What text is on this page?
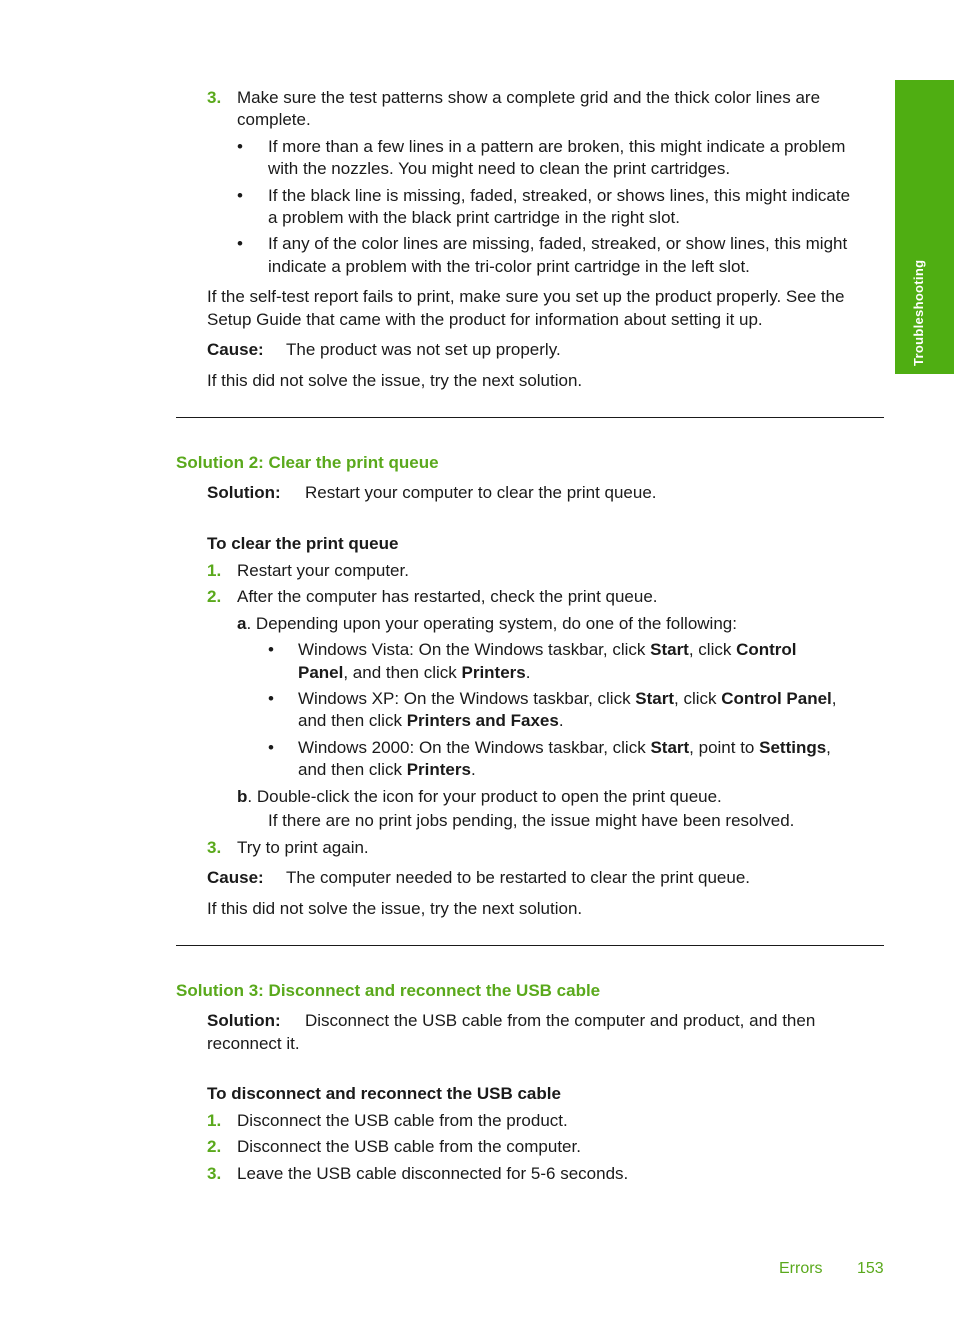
Troubleshooting
3. Make sure the test patterns show a complete grid and the thick color lines are
complete.
• If more than a few lines in a pattern are broken, this might indicate a problem
with the nozzles. You might need to clean the print cartridges.
• If the black line is missing, faded, streaked, or shows lines, this might indicate
a problem with the black print cartridge in the right slot.
• If any of the color lines are missing, faded, streaked, or show lines, this might
indicate a problem with the tri-color print cartridge in the left slot.
If the self-test report fails to print, make sure you set up the product properly. See the
Setup Guide that came with the product for information about setting it up.
Cause: The product was not set up properly.
If this did not solve the issue, try the next solution.
Solution 2: Clear the print queue
Solution: Restart your computer to clear the print queue.
To clear the print queue
1. Restart your computer.
2. After the computer has restarted, check the print queue.
a. Depending upon your operating system, do one of the following:
• Windows Vista: On the Windows taskbar, click Start, click Control
Panel, and then click Printers.
• Windows XP: On the Windows taskbar, click Start, click Control Panel,
and then click Printers and Faxes.
• Windows 2000: On the Windows taskbar, click Start, point to Settings,
and then click Printers.
b. Double-click the icon for your product to open the print queue.
If there are no print jobs pending, the issue might have been resolved.
3. Try to print again.
Cause: The computer needed to be restarted to clear the print queue.
If this did not solve the issue, try the next solution.
Solution 3: Disconnect and reconnect the USB cable
Solution: Disconnect the USB cable from the computer and product, and then
reconnect it.
To disconnect and reconnect the USB cable
1. Disconnect the USB cable from the product.
2. Disconnect the USB cable from the computer.
3. Leave the USB cable disconnected for 5-6 seconds.
Errors 153
